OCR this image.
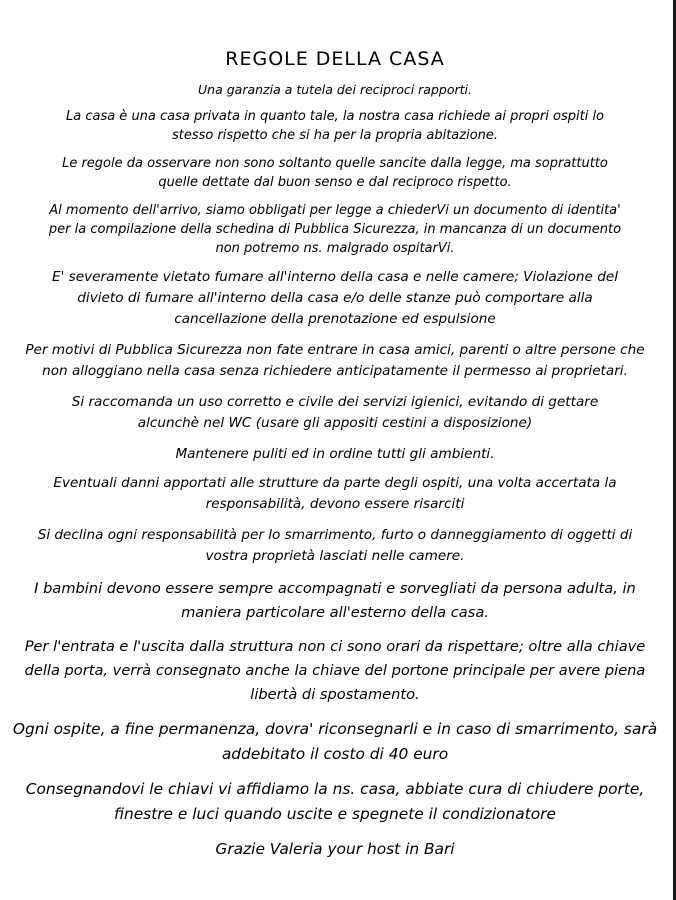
REGOLE DELLA CASA

Una garanzia a tutela dei reciproci rapporti.

La casa è una casa privata in quanto tale, la nostra casa richiede ai propri ospiti lo stesso rispetto che si ha per la propria abitazione.

Le regole da osservare non sono soltanto quelle sancite dalla legge, ma soprattutto quelle dettate dal buon senso e dal reciproco rispetto.

Al momento dell'arrivo, siamo obbligati per legge a chiederVi un documento di identita' per la compilazione della schedina di Pubblica Sicurezza, in mancanza di un documento non potremo ns. malgrado ospitarVi.

E' severamente vietato fumare all'interno della casa e nelle camere; Violazione del divieto di fumare all'interno della casa e/o delle stanze può comportare alla cancellazione della prenotazione ed espulsione

Per motivi di Pubblica Sicurezza non fate entrare in casa amici, parenti o altre persone che non alloggiano nella casa senza richiedere anticipatamente il permesso ai proprietari.

Si raccomanda un uso corretto e civile dei servizi igienici, evitando di gettare alcunchè nel WC (usare gli appositi cestini a disposizione)

Mantenere puliti ed in ordine tutti gli ambienti.

Eventuali danni apportati alle strutture da parte degli ospiti, una volta accertata la responsabilità, devono essere risarciti

Si declina ogni responsabilità per lo smarrimento, furto o danneggiamento di oggetti di vostra proprietà lasciati nelle camere.

I bambini devono essere sempre accompagnati e sorvegliati da persona adulta, in maniera particolare all'esterno della casa.

Per l'entrata e l'uscita dalla struttura non ci sono orari da rispettare; oltre alla chiave della porta, verrà consegnato anche la chiave del portone principale per avere piena libertà di spostamento.

Ogni ospite, a fine permanenza, dovra' riconsegnarli e in caso di smarrimento, sarà addebitato il costo di 40 euro

Consegnandovi le chiavi vi affidiamo la ns. casa, abbiate cura di chiudere porte, finestre e luci quando uscite e spegnete il condizionatore

Grazie Valeria your host in Bari
